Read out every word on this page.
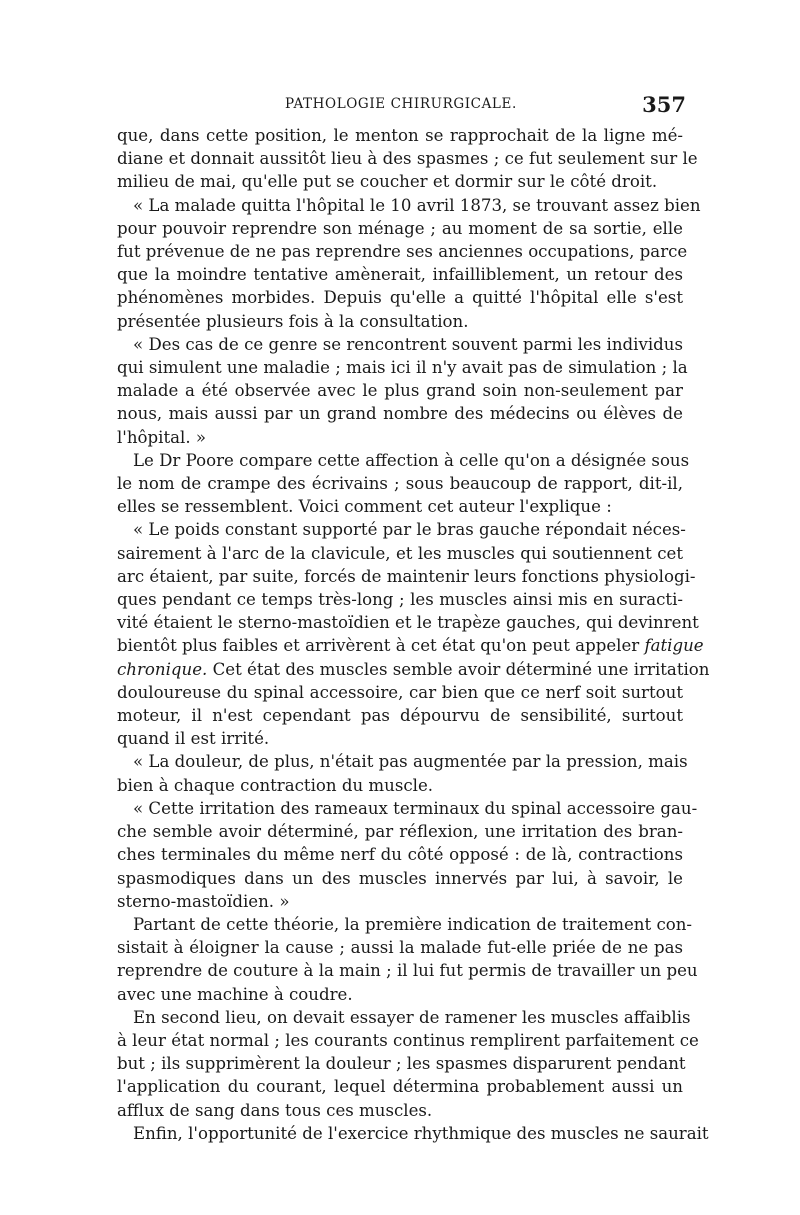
PATHOLOGIE CHIRURGICALE.	357
que, dans cette position, le menton se rapprochait de la ligne mé-
diane et donnait aussitôt lieu à des spasmes ; ce fut seulement sur le
milieu de mai, qu'elle put se coucher et dormir sur le côté droit.
« La malade quitta l'hôpital le 10 avril 1873, se trouvant assez bien
pour pouvoir reprendre son ménage ; au moment de sa sortie, elle
fut prévenue de ne pas reprendre ses anciennes occupations, parce
que la moindre tentative amènerait, infailliblement, un retour des
phénomènes morbides. Depuis qu'elle a quitté l'hôpital elle s'est
présentée plusieurs fois à la consultation.
« Des cas de ce genre se rencontrent souvent parmi les individus
qui simulent une maladie ; mais ici il n'y avait pas de simulation ; la
malade a été observée avec le plus grand soin non-seulement par
nous, mais aussi par un grand nombre des médecins ou élèves de
l'hôpital. »
Le Dr Poore compare cette affection à celle qu'on a désignée sous
le nom de crampe des écrivains ; sous beaucoup de rapport, dit-il,
elles se ressemblent. Voici comment cet auteur l'explique :
« Le poids constant supporté par le bras gauche répondait néces-
sairement à l'arc de la clavicule, et les muscles qui soutiennent cet
arc étaient, par suite, forcés de maintenir leurs fonctions physiologi-
ques pendant ce temps très-long ; les muscles ainsi mis en suracti-
vité étaient le sterno-mastoïdien et le trapèze gauches, qui devinrent
bientôt plus faibles et arrivèrent à cet état qu'on peut appeler fatigue
chronique. Cet état des muscles semble avoir déterminé une irritation
douloureuse du spinal accessoire, car bien que ce nerf soit surtout
moteur, il n'est cependant pas dépourvu de sensibilité, surtout
quand il est irrité.
« La douleur, de plus, n'était pas augmentée par la pression, mais
bien à chaque contraction du muscle.
« Cette irritation des rameaux terminaux du spinal accessoire gau-
che semble avoir déterminé, par réflexion, une irritation des bran-
ches terminales du même nerf du côté opposé : de là, contractions
spasmodiques dans un des muscles innervés par lui, à savoir, le
sterno-mastoïdien. »
Partant de cette théorie, la première indication de traitement con-
sistait à éloigner la cause ; aussi la malade fut-elle priée de ne pas
reprendre de couture à la main ; il lui fut permis de travailler un peu
avec une machine à coudre.
En second lieu, on devait essayer de ramener les muscles affaiblis
à leur état normal ; les courants continus remplirent parfaitement ce
but ; ils supprimèrent la douleur ; les spasmes disparurent pendant
l'application du courant, lequel détermina probablement aussi un
afflux de sang dans tous ces muscles.
Enfin, l'opportunité de l'exercice rhythmique des muscles ne saurait
